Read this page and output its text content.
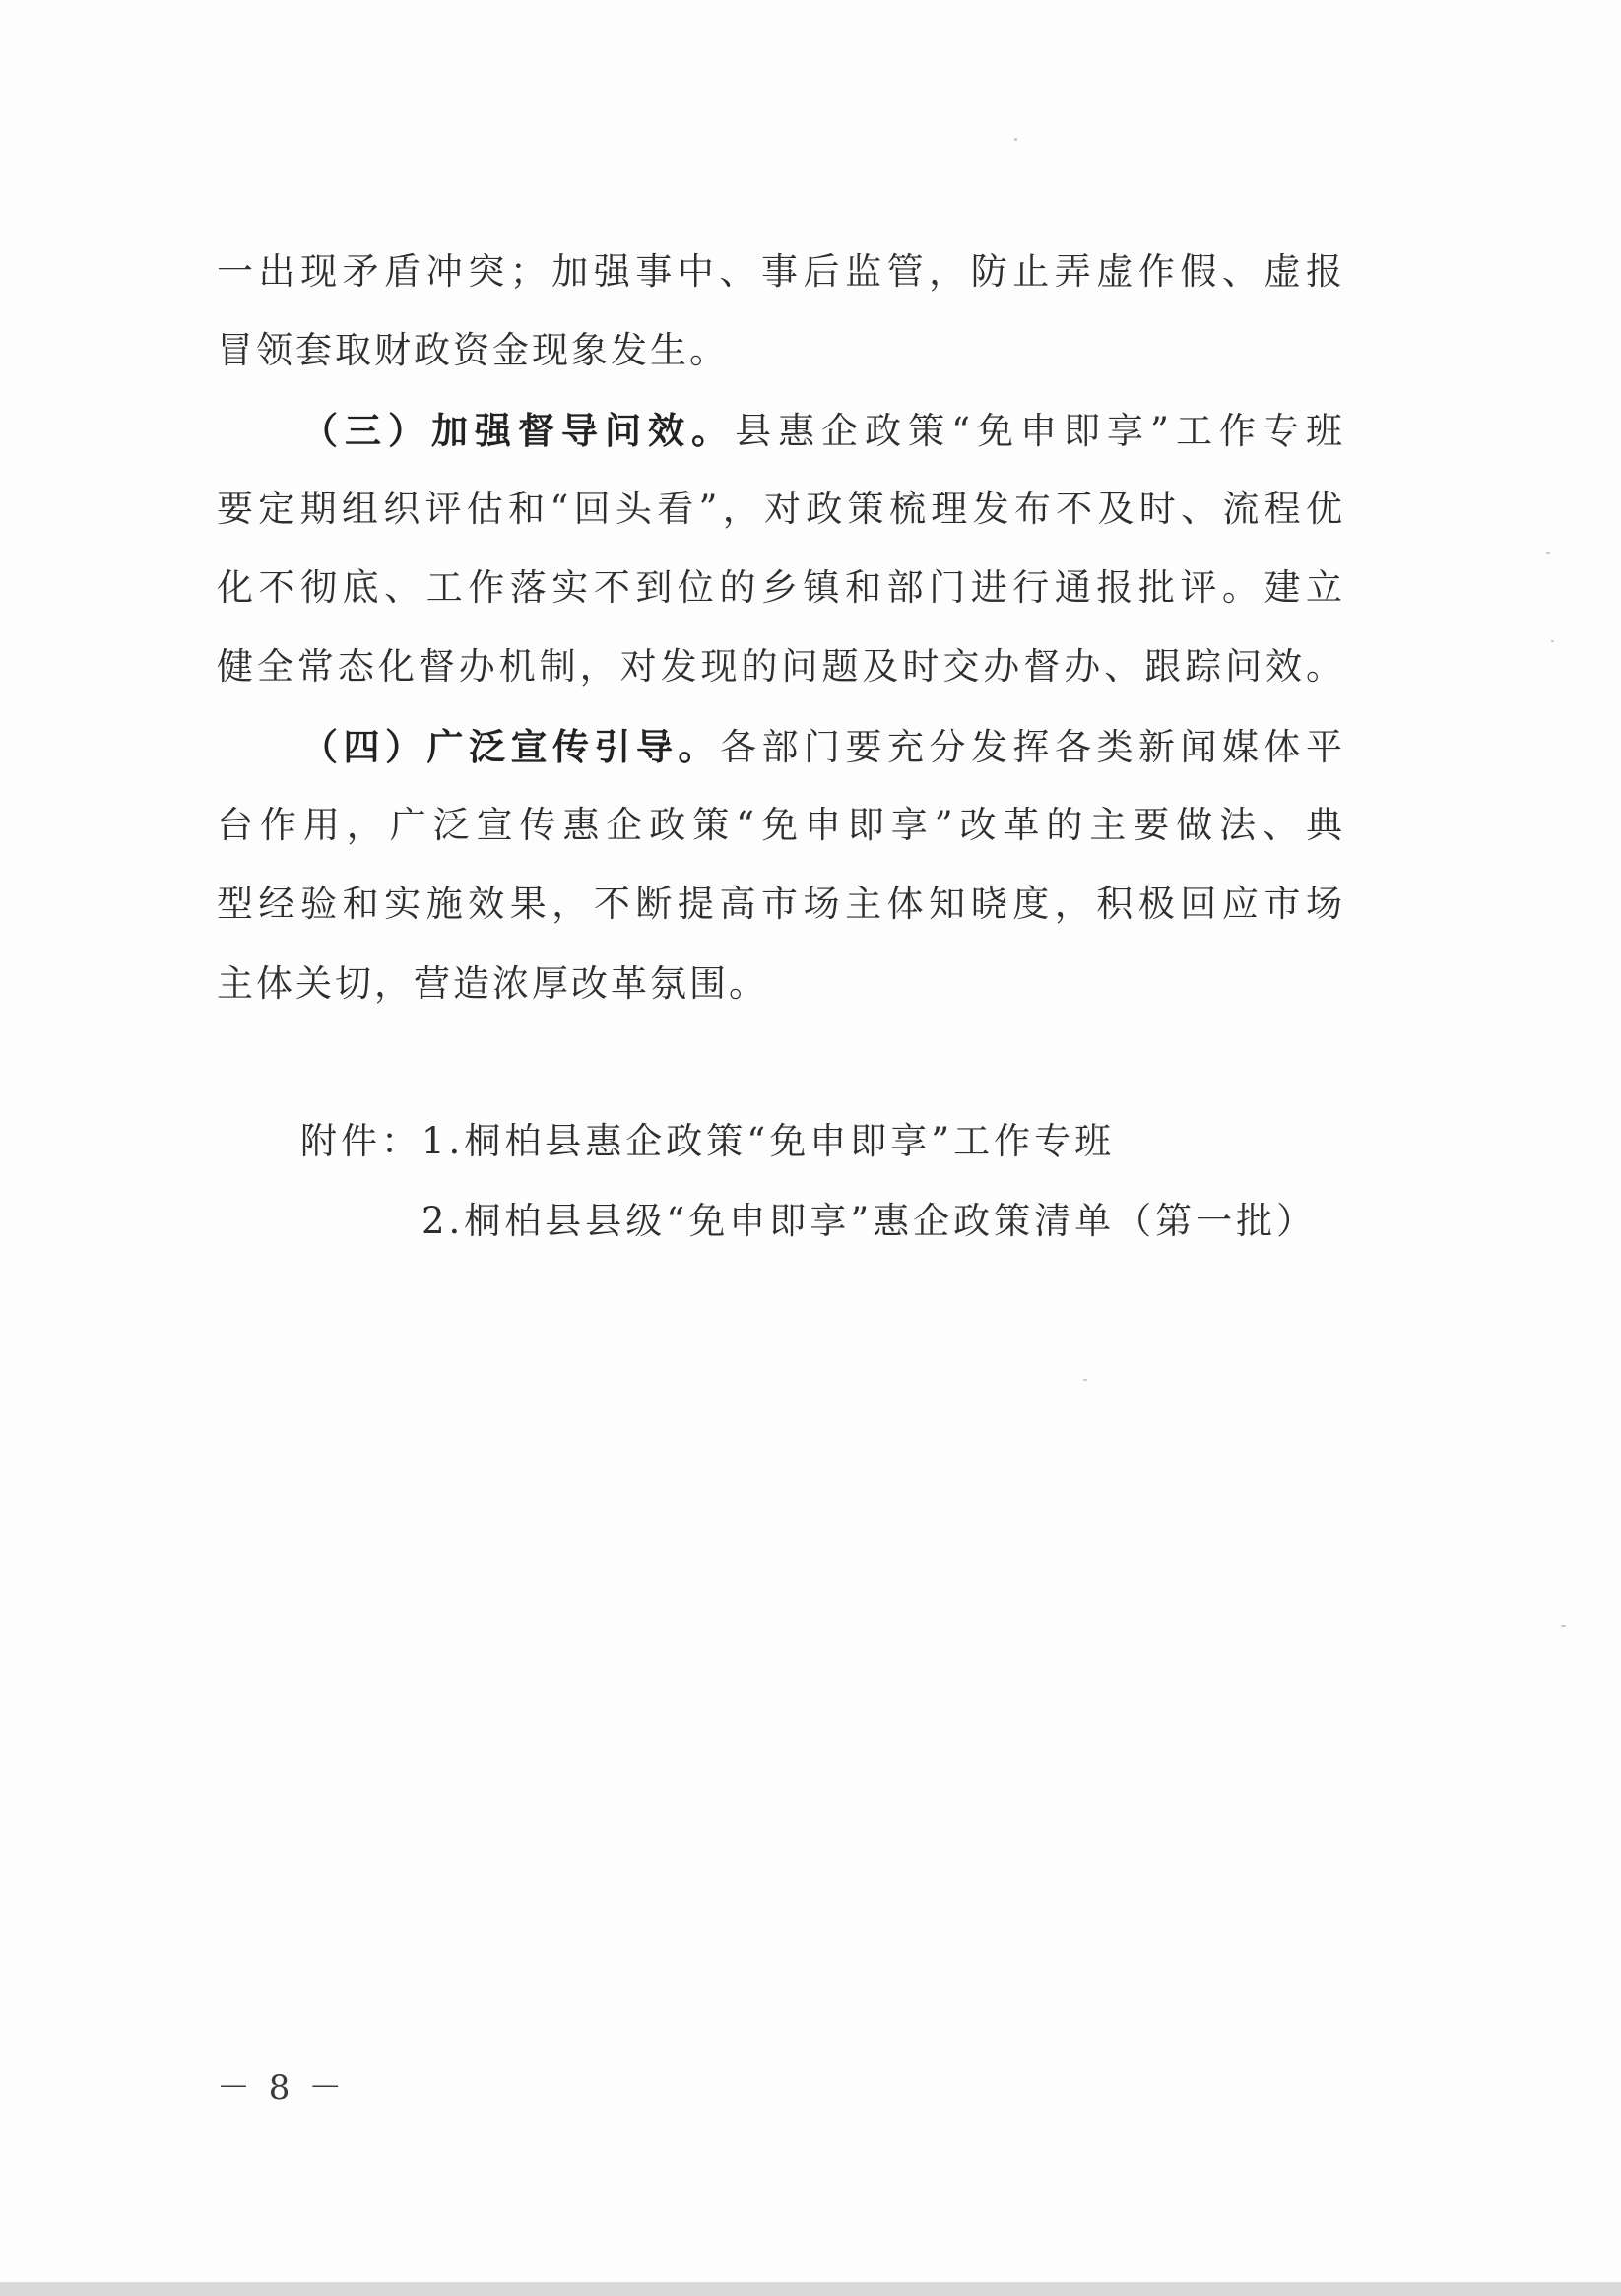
一出现矛盾冲突；加强事中、事后监管，防止弄虚作假、虚报
冒领套取财政资金现象发生。
（三）加强督导问效。县惠企政策“免申即享”工作专班
要定期组织评估和“回头看”，对政策梳理发布不及时、流程优
化不彻底、工作落实不到位的乡镇和部门进行通报批评。建立
健全常态化督办机制，对发现的问题及时交办督办、跟踪问效。
（四）广泛宣传引导。各部门要充分发挥各类新闻媒体平
台作用，广泛宣传惠企政策“免申即享”改革的主要做法、典
型经验和实施效果，不断提高市场主体知晓度，积极回应市场
主体关切，营造浓厚改革氛围。
附件：1.桐柏县惠企政策“免申即享”工作专班
2.桐柏县县级“免申即享”惠企政策清单（第一批）
－ 8 －
